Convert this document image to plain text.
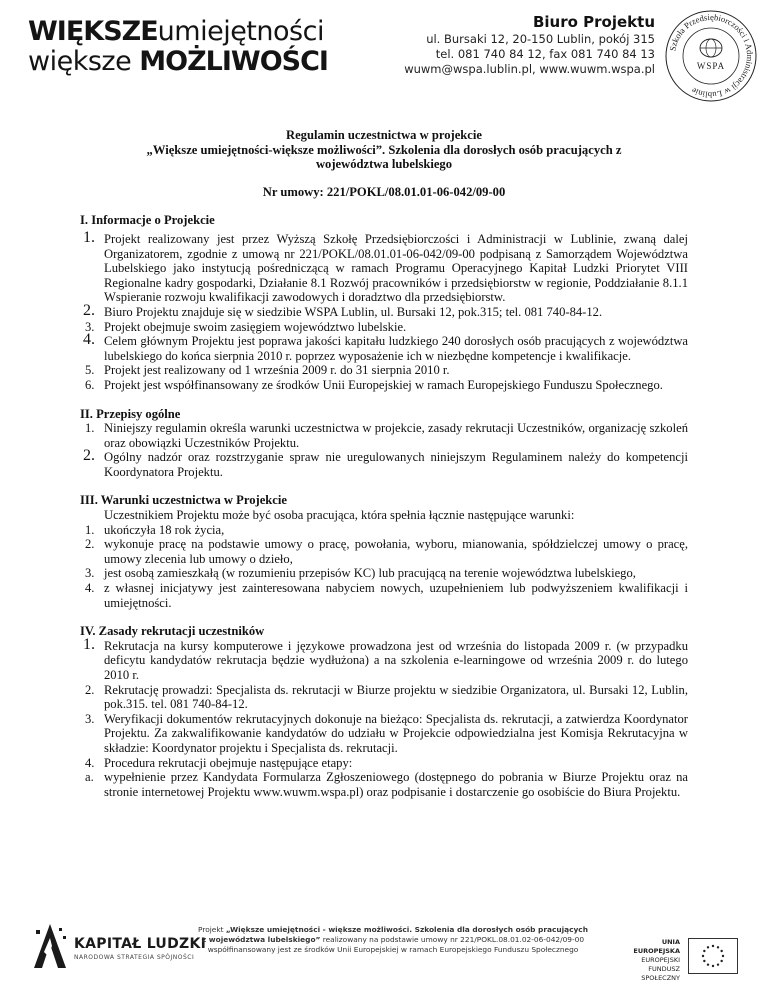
WIĘKSZEumiejętności
większe MOŻLIWOŚCI
Biuro Projektu
ul. Bursaki 12, 20-150 Lublin, pokój 315
tel. 081 740 84 12, fax 081 740 84 13
wuwm@wspa.lublin.pl, www.wuwm.wspa.pl
Szkoła Przedsiębiorczości i Administracji w Lublinie
WSPA
Regulamin uczestnictwa w projekcie
„Większe umiejętności-większe możliwości”. Szkolenia dla dorosłych osób pracujących z
województwa lubelskiego
Nr umowy: 221/POKL/08.01.01-06-042/09-00
I. Informacje o Projekcie
1. Projekt realizowany jest przez Wyższą Szkołę Przedsiębiorczości i Administracji w Lublinie, zwaną dalej Organizatorem, zgodnie z umową nr 221/POKL/08.01.01-06-042/09-00 podpisaną z Samorządem Województwa Lubelskiego jako instytucją pośredniczącą w ramach Programu Operacyjnego Kapitał Ludzki Priorytet VIII Regionalne kadry gospodarki, Działanie 8.1 Rozwój pracowników i przedsiębiorstw w regionie, Poddziałanie 8.1.1 Wspieranie rozwoju kwalifikacji zawodowych i doradztwo dla przedsiębiorstw.
2. Biuro Projektu znajduje się w siedzibie WSPA Lublin, ul. Bursaki 12, pok.315; tel. 081 740-84-12.
3. Projekt obejmuje swoim zasięgiem województwo lubelskie.
4. Celem głównym Projektu jest poprawa jakości kapitału ludzkiego 240 dorosłych osób pracujących z województwa lubelskiego do końca sierpnia 2010 r. poprzez wyposażenie ich w niezbędne kompetencje i kwalifikacje.
5. Projekt jest realizowany od 1 września 2009 r. do 31 sierpnia 2010 r.
6. Projekt jest współfinansowany ze środków Unii Europejskiej w ramach Europejskiego Funduszu Społecznego.
II. Przepisy ogólne
1. Niniejszy regulamin określa warunki uczestnictwa w projekcie, zasady rekrutacji Uczestników, organizację szkoleń oraz obowiązki Uczestników Projektu.
2. Ogólny nadzór oraz rozstrzyganie spraw nie uregulowanych niniejszym Regulaminem należy do kompetencji Koordynatora Projektu.
III. Warunki uczestnictwa w Projekcie
Uczestnikiem Projektu może być osoba pracująca, która spełnia łącznie następujące warunki:
1. ukończyła 18 rok życia,
2. wykonuje pracę na podstawie umowy o pracę, powołania, wyboru, mianowania, spółdzielczej umowy o pracę, umowy zlecenia lub umowy o dzieło,
3. jest osobą zamieszkałą (w rozumieniu przepisów KC) lub pracującą na terenie województwa lubelskiego,
4. z własnej inicjatywy jest zainteresowana nabyciem nowych, uzupełnieniem lub podwyższeniem kwalifikacji i umiejętności.
IV. Zasady rekrutacji uczestników
1. Rekrutacja na kursy komputerowe i językowe prowadzona jest od września do listopada 2009 r. (w przypadku deficytu kandydatów rekrutacja będzie wydłużona) a na szkolenia e-learningowe od września 2009 r. do lutego 2010 r.
2. Rekrutację prowadzi: Specjalista ds. rekrutacji w Biurze projektu w siedzibie Organizatora, ul. Bursaki 12, Lublin, pok.315. tel. 081 740-84-12.
3. Weryfikacji dokumentów rekrutacyjnych dokonuje na bieżąco: Specjalista ds. rekrutacji, a zatwierdza Koordynator Projektu. Za zakwalifikowanie kandydatów do udziału w Projekcie odpowiedzialna jest Komisja Rekrutacyjna w składzie: Koordynator projektu i Specjalista ds. rekrutacji.
4. Procedura rekrutacji obejmuje następujące etapy:
a. wypełnienie przez Kandydata Formularza Zgłoszeniowego (dostępnego do pobrania w Biurze Projektu oraz na stronie internetowej Projektu www.wuwm.wspa.pl) oraz podpisanie i dostarczenie go osobiście do Biura Projektu.
KAPITAŁ LUDZKI
NARODOWA STRATEGIA SPÓJNOŚCI
Projekt „Większe umiejętności - większe możliwości. Szkolenia dla dorosłych osób pracujących
z województwa lubelskiego” realizowany na podstawie umowy nr 221/POKL.08.01.02-06-042/09-00
współfinansowany jest ze środków Unii Europejskiej w ramach Europejskiego Funduszu Społecznego
UNIA EUROPEJSKA
EUROPEJSKI
FUNDUSZ SPOŁECZNY
